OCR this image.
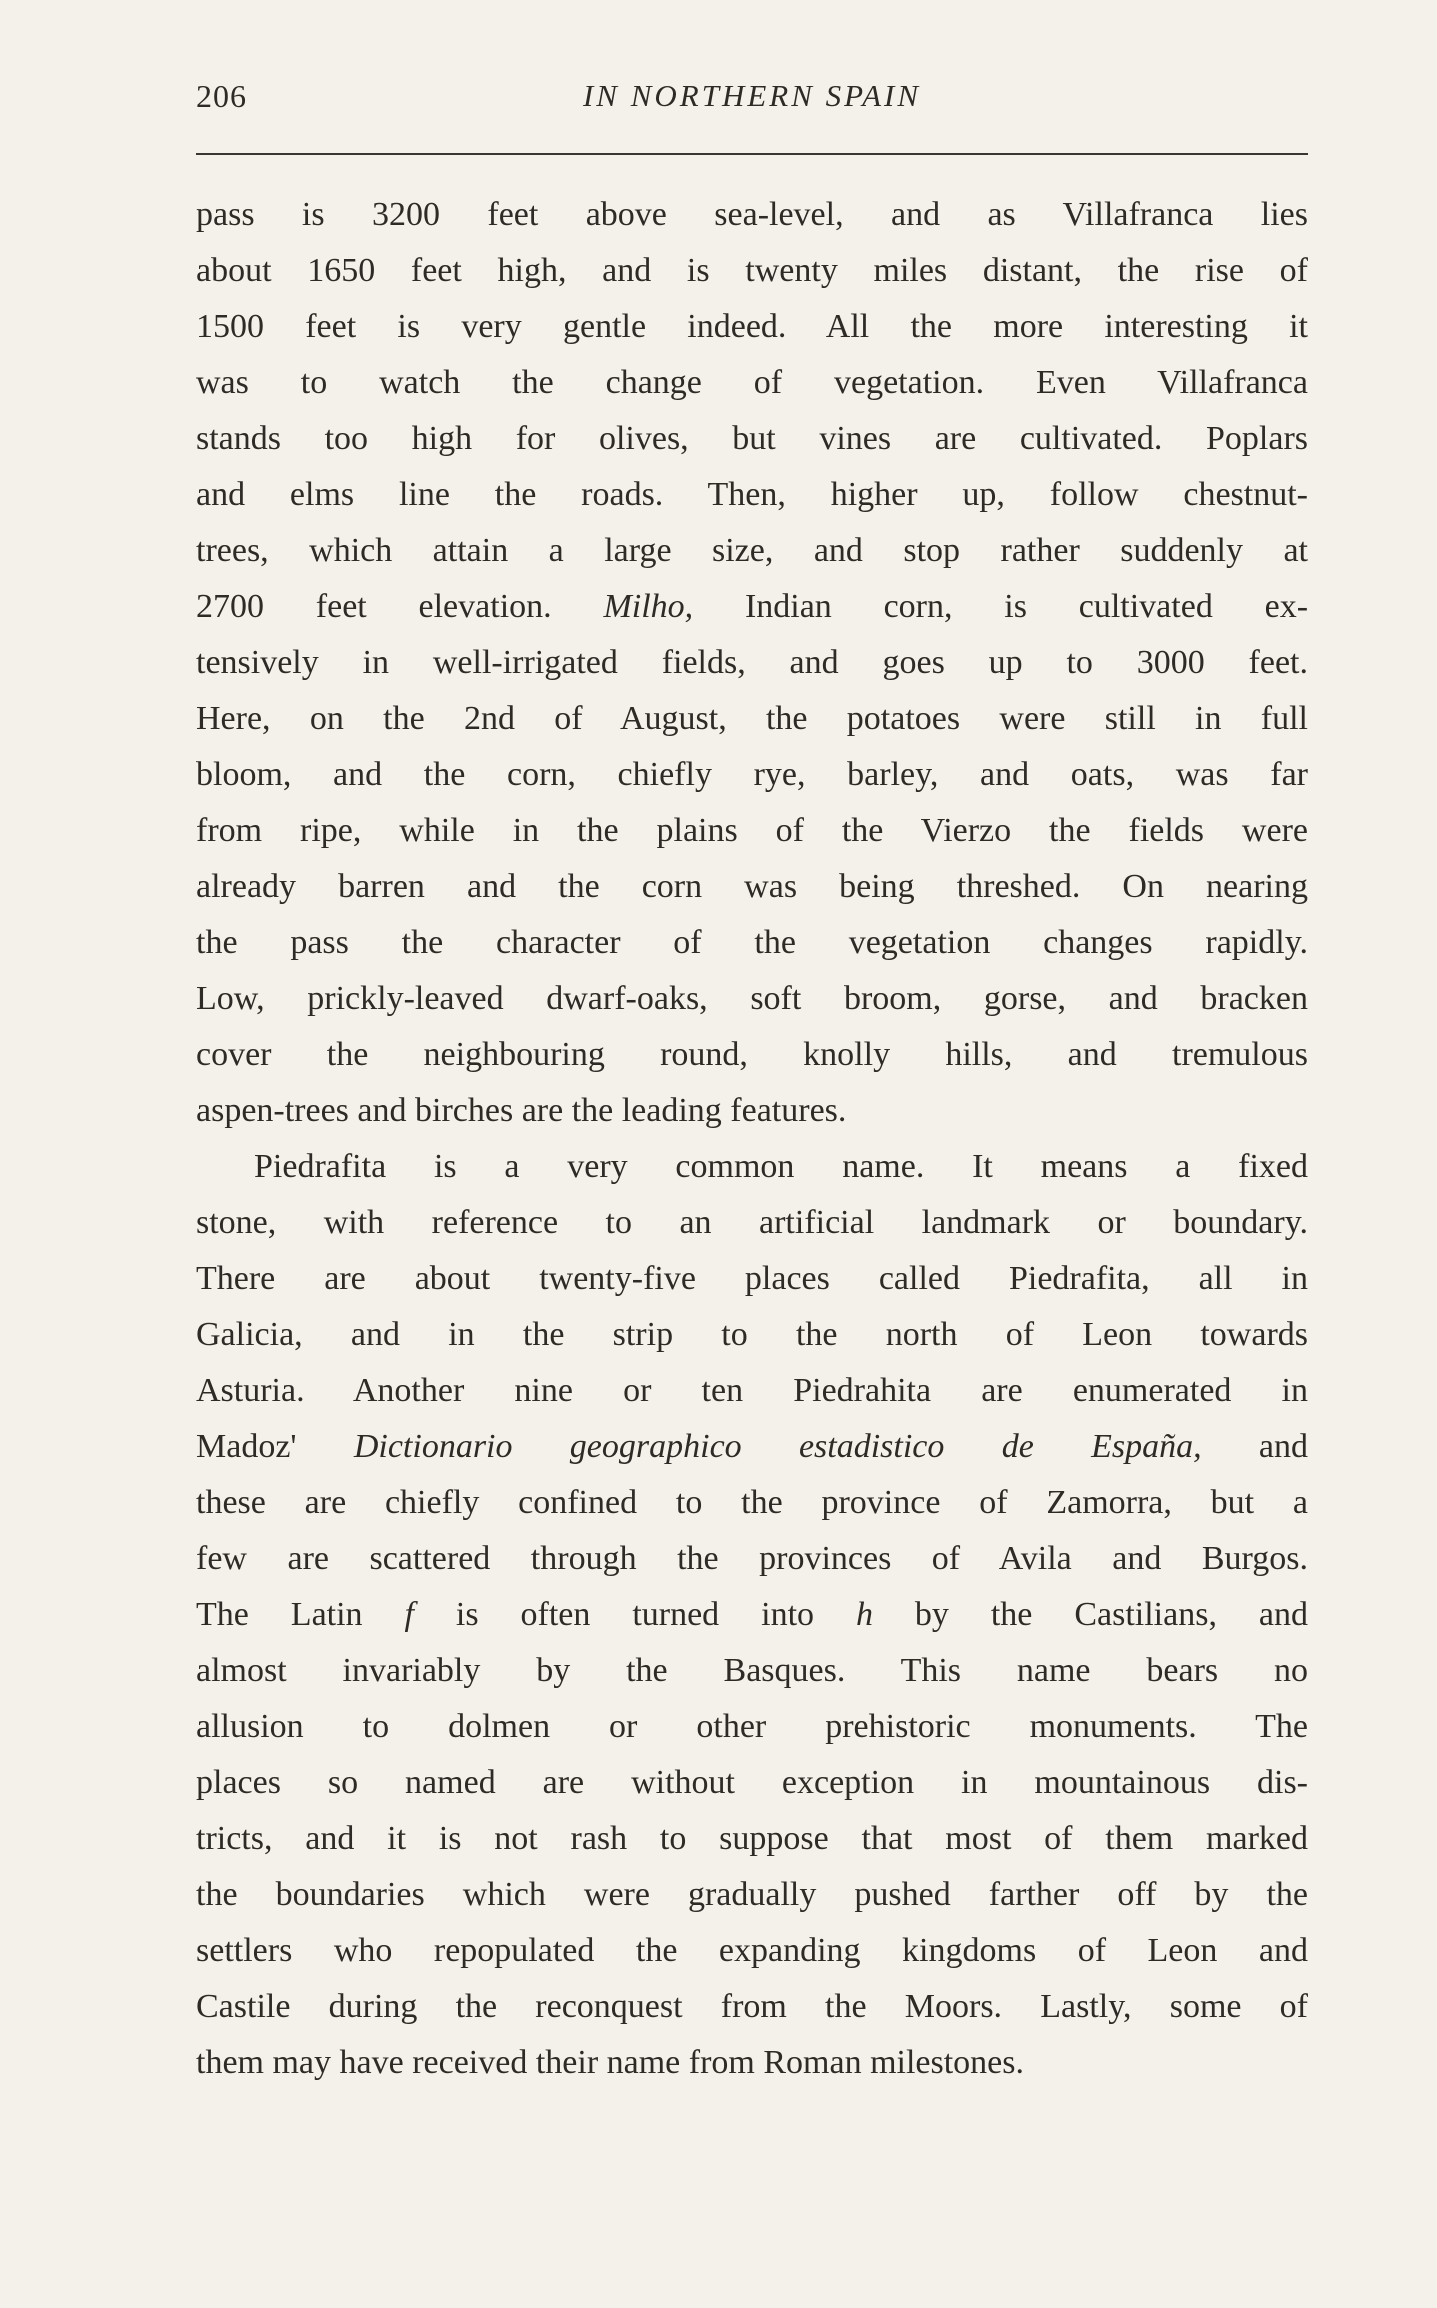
206	IN NORTHERN SPAIN
pass is 3200 feet above sea-level, and as Villafranca lies
about 1650 feet high, and is twenty miles distant, the rise of
1500 feet is very gentle indeed. All the more interesting it
was to watch the change of vegetation. Even Villafranca
stands too high for olives, but vines are cultivated. Poplars
and elms line the roads. Then, higher up, follow chestnut-
trees, which attain a large size, and stop rather suddenly at
2700 feet elevation. Milho, Indian corn, is cultivated ex-
tensively in well-irrigated fields, and goes up to 3000 feet.
Here, on the 2nd of August, the potatoes were still in full
bloom, and the corn, chiefly rye, barley, and oats, was far
from ripe, while in the plains of the Vierzo the fields were
already barren and the corn was being threshed. On nearing
the pass the character of the vegetation changes rapidly.
Low, prickly-leaved dwarf-oaks, soft broom, gorse, and bracken
cover the neighbouring round, knolly hills, and tremulous
aspen-trees and birches are the leading features.
Piedrafita is a very common name. It means a fixed
stone, with reference to an artificial landmark or boundary.
There are about twenty-five places called Piedrafita, all in
Galicia, and in the strip to the north of Leon towards
Asturia. Another nine or ten Piedrahita are enumerated in
Madoz' Dictionario geographico estadistico de España, and
these are chiefly confined to the province of Zamorra, but a
few are scattered through the provinces of Avila and Burgos.
The Latin f is often turned into h by the Castilians, and
almost invariably by the Basques. This name bears no
allusion to dolmen or other prehistoric monuments. The
places so named are without exception in mountainous dis-
tricts, and it is not rash to suppose that most of them marked
the boundaries which were gradually pushed farther off by the
settlers who repopulated the expanding kingdoms of Leon and
Castile during the reconquest from the Moors. Lastly, some of
them may have received their name from Roman milestones.
